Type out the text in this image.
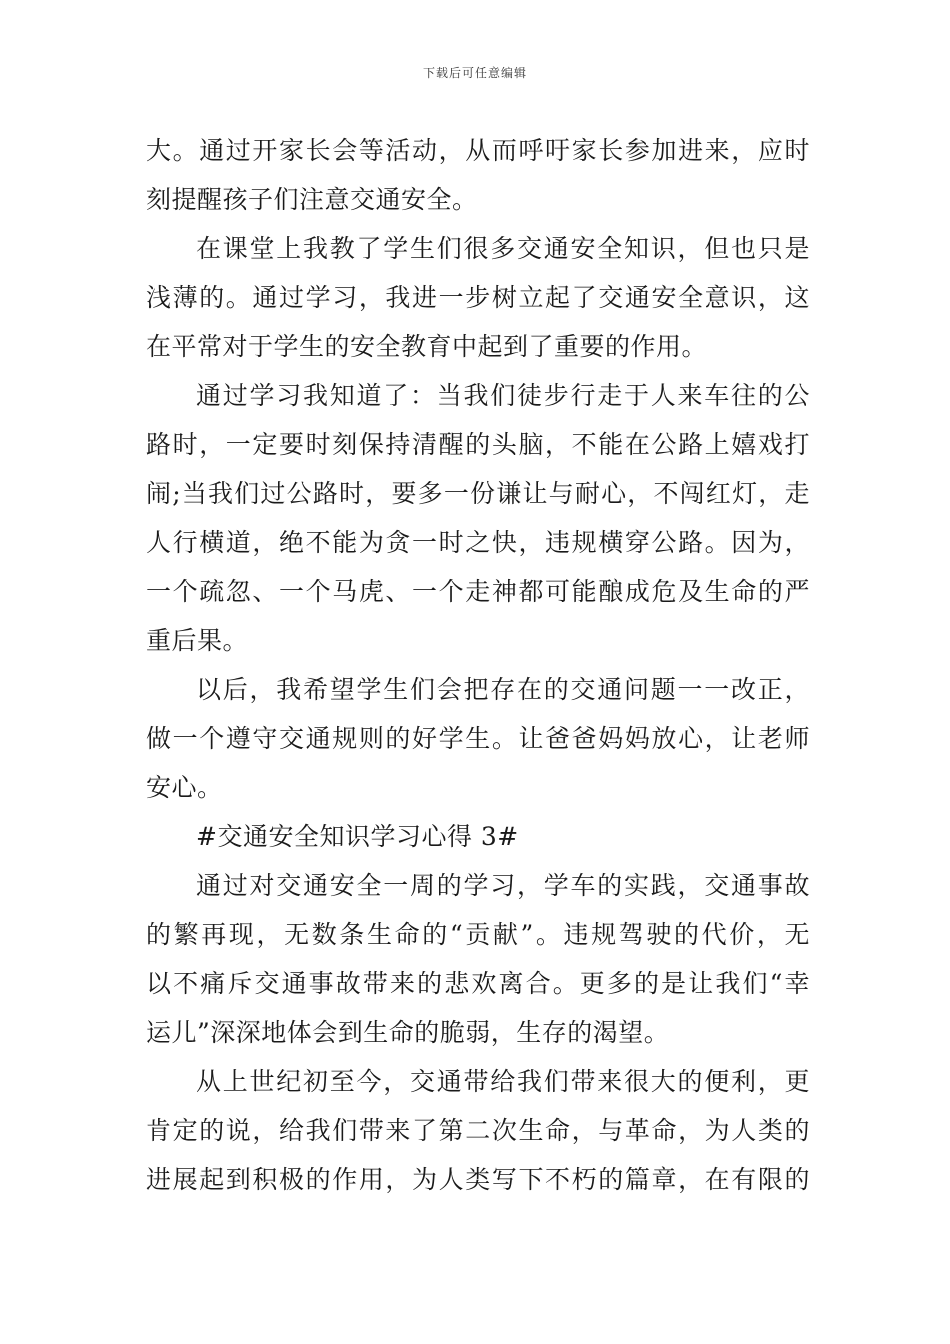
下载后可任意编辑
大。通过开家长会等活动，从而呼吁家长参加进来，应时
刻提醒孩子们注意交通安全。
在课堂上我教了学生们很多交通安全知识，但也只是
浅薄的。通过学习，我进一步树立起了交通安全意识，这
在平常对于学生的安全教育中起到了重要的作用。
通过学习我知道了：当我们徒步行走于人来车往的公
路时，一定要时刻保持清醒的头脑，不能在公路上嬉戏打
闹;当我们过公路时，要多一份谦让与耐心，不闯红灯，走
人行横道，绝不能为贪一时之快，违规横穿公路。因为，
一个疏忽、一个马虎、一个走神都可能酿成危及生命的严
重后果。
以后，我希望学生们会把存在的交通问题一一改正，
做一个遵守交通规则的好学生。让爸爸妈妈放心，让老师
安心。
#交通安全知识学习心得 3#
通过对交通安全一周的学习，学车的实践，交通事故
的繁再现，无数条生命的“贡献”。违规驾驶的代价，无
以不痛斥交通事故带来的悲欢离合。更多的是让我们“幸
运儿”深深地体会到生命的脆弱，生存的渴望。
从上世纪初至今，交通带给我们带来很大的便利，更
肯定的说，给我们带来了第二次生命，与革命，为人类的
进展起到积极的作用，为人类写下不朽的篇章，在有限的
